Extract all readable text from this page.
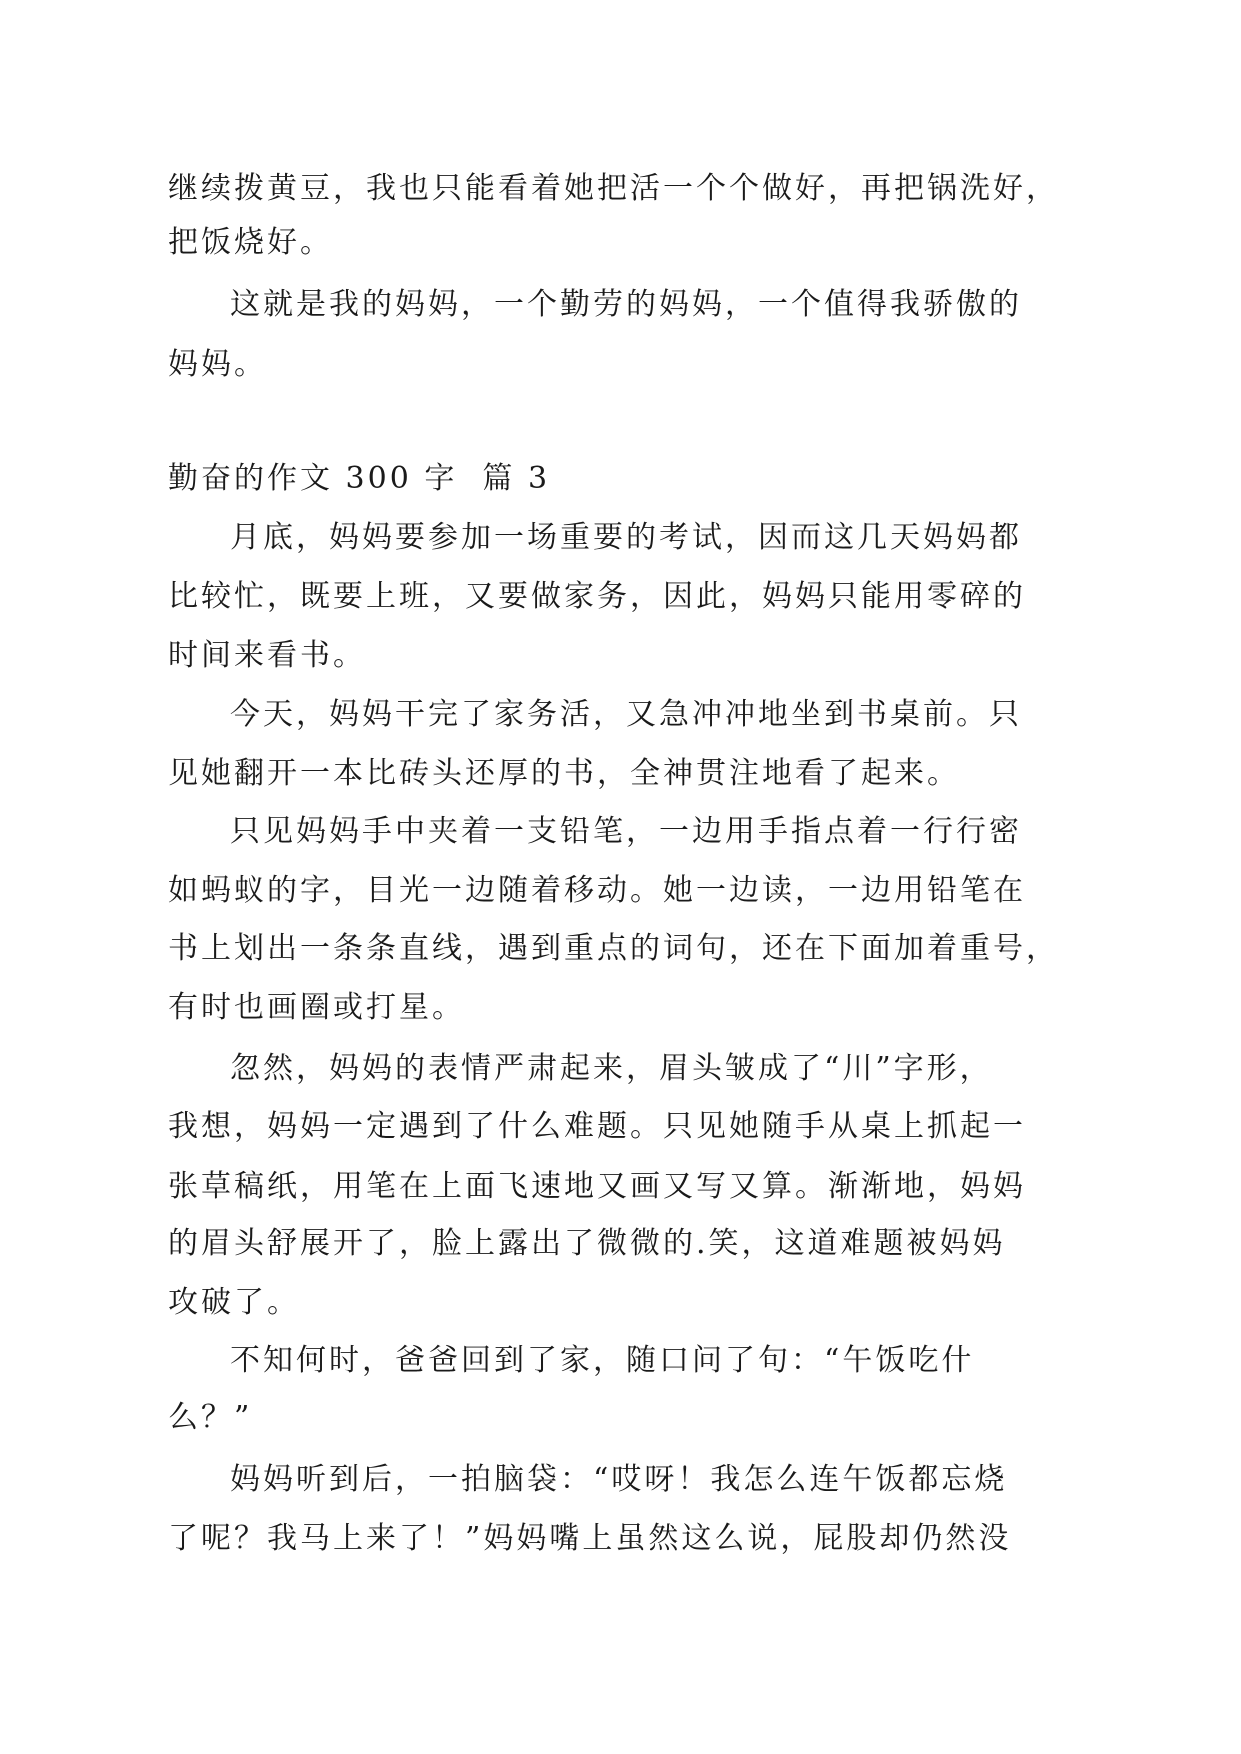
继续拨黄豆，我也只能看着她把活一个个做好，再把锅洗好，
把饭烧好。
这就是我的妈妈，一个勤劳的妈妈，一个值得我骄傲的
妈妈。
勤奋的作文 300 字  篇 3
月底，妈妈要参加一场重要的考试，因而这几天妈妈都
比较忙，既要上班，又要做家务，因此，妈妈只能用零碎的
时间来看书。
今天，妈妈干完了家务活，又急冲冲地坐到书桌前。只
见她翻开一本比砖头还厚的书，全神贯注地看了起来。
只见妈妈手中夹着一支铅笔，一边用手指点着一行行密
如蚂蚁的字，目光一边随着移动。她一边读，一边用铅笔在
书上划出一条条直线，遇到重点的词句，还在下面加着重号，
有时也画圈或打星。
忽然，妈妈的表情严肃起来，眉头皱成了“川”字形，
我想，妈妈一定遇到了什么难题。只见她随手从桌上抓起一
张草稿纸，用笔在上面飞速地又画又写又算。渐渐地，妈妈
的眉头舒展开了，脸上露出了微微的.笑，这道难题被妈妈
攻破了。
不知何时，爸爸回到了家，随口问了句：“午饭吃什
么？”
妈妈听到后，一拍脑袋：“哎呀！我怎么连午饭都忘烧
了呢？我马上来了！”妈妈嘴上虽然这么说，屁股却仍然没
